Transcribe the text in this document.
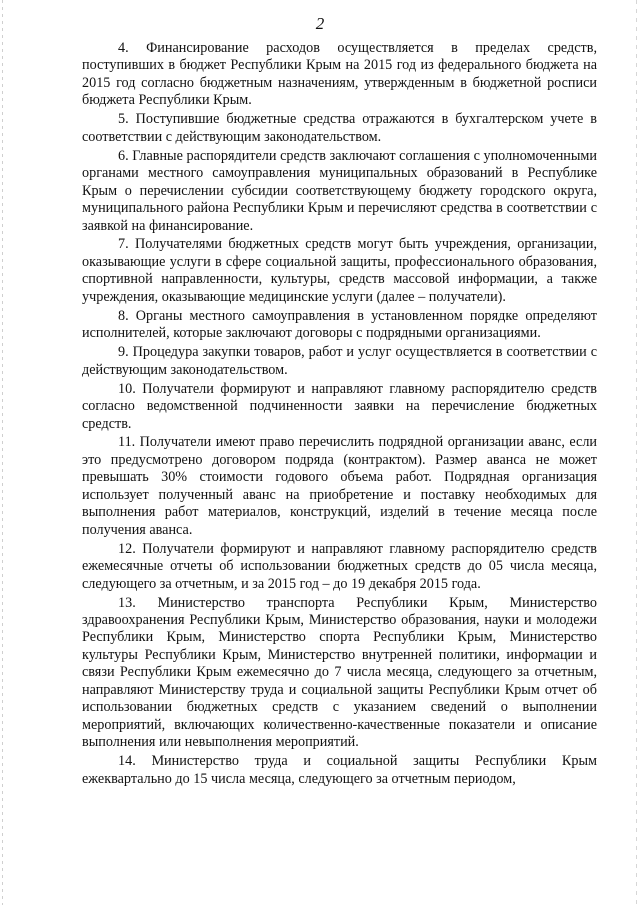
2

4. Финансирование расходов осуществляется в пределах средств, поступивших в бюджет Республики Крым на 2015 год из федерального бюджета на 2015 год согласно бюджетным назначениям, утвержденным в бюджетной росписи бюджета Республики Крым.

5. Поступившие бюджетные средства отражаются в бухгалтерском учете в соответствии с действующим законодательством.

6. Главные распорядители средств заключают соглашения с уполномоченными органами местного самоуправления муниципальных образований в Республике Крым о перечислении субсидии соответствующему бюджету городского округа, муниципального района Республики Крым и перечисляют средства в соответствии с заявкой на финансирование.

7. Получателями бюджетных средств могут быть учреждения, организации, оказывающие услуги в сфере социальной защиты, профессионального образования, спортивной направленности, культуры, средств массовой информации, а также учреждения, оказывающие медицинские услуги (далее – получатели).

8. Органы местного самоуправления в установленном порядке определяют исполнителей, которые заключают договоры с подрядными организациями.

9. Процедура закупки товаров, работ и услуг осуществляется в соответствии с действующим законодательством.

10. Получатели формируют и направляют главному распорядителю средств согласно ведомственной подчиненности заявки на перечисление бюджетных средств.

11. Получатели имеют право перечислить подрядной организации аванс, если это предусмотрено договором подряда (контрактом). Размер аванса не может превышать 30% стоимости годового объема работ. Подрядная организация использует полученный аванс на приобретение и поставку необходимых для выполнения работ материалов, конструкций, изделий в течение месяца после получения аванса.

12. Получатели формируют и направляют главному распорядителю средств ежемесячные отчеты об использовании бюджетных средств до 05 числа месяца, следующего за отчетным, и за 2015 год – до 19 декабря 2015 года.

13. Министерство транспорта Республики Крым, Министерство здравоохранения Республики Крым, Министерство образования, науки и молодежи Республики Крым, Министерство спорта Республики Крым, Министерство культуры Республики Крым, Министерство внутренней политики, информации и связи Республики Крым ежемесячно до 7 числа месяца, следующего за отчетным, направляют Министерству труда и социальной защиты Республики Крым отчет об использовании бюджетных средств с указанием сведений о выполнении мероприятий, включающих количественно-качественные показатели и описание выполнения или невыполнения мероприятий.

14. Министерство труда и социальной защиты Республики Крым ежеквартально до 15 числа месяца, следующего за отчетным периодом,
